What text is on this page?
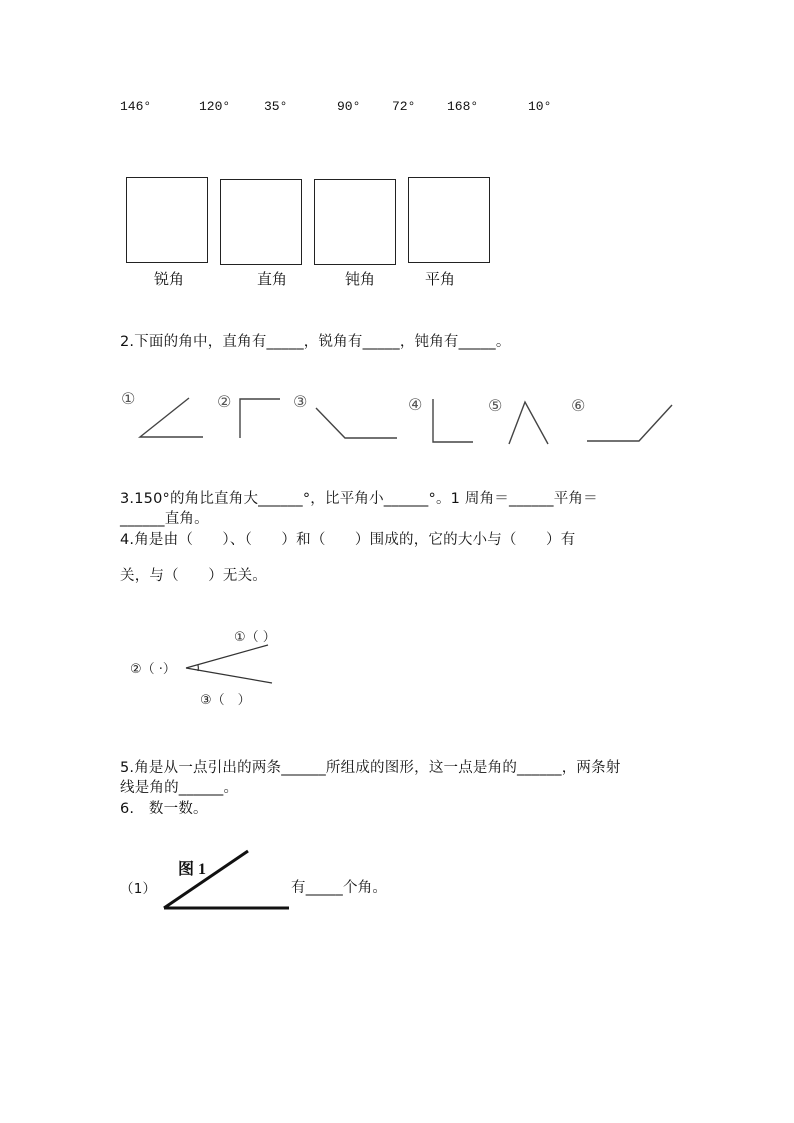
146°	120°	35°	90° 72° 168°	10°
锐角	直角	钝角	平角
2.下面的角中，直角有_____，锐角有_____，钝角有_____。
①	②	③	④	⑤	⑥
①（ ）
②（ ·）
③（　）
图 1
3.150°的角比直角大______°，比平角小______°。1 周角＝______平角＝
______直角。
4.角是由（　　）、（　　）和（　　）围成的，它的大小与（　　）有
关，与（　　）无关。
5.角是从一点引出的两条______所组成的图形，这一点是角的______，两条射
线是角的______。
6.　数一数。
（1）	有_____个角。
